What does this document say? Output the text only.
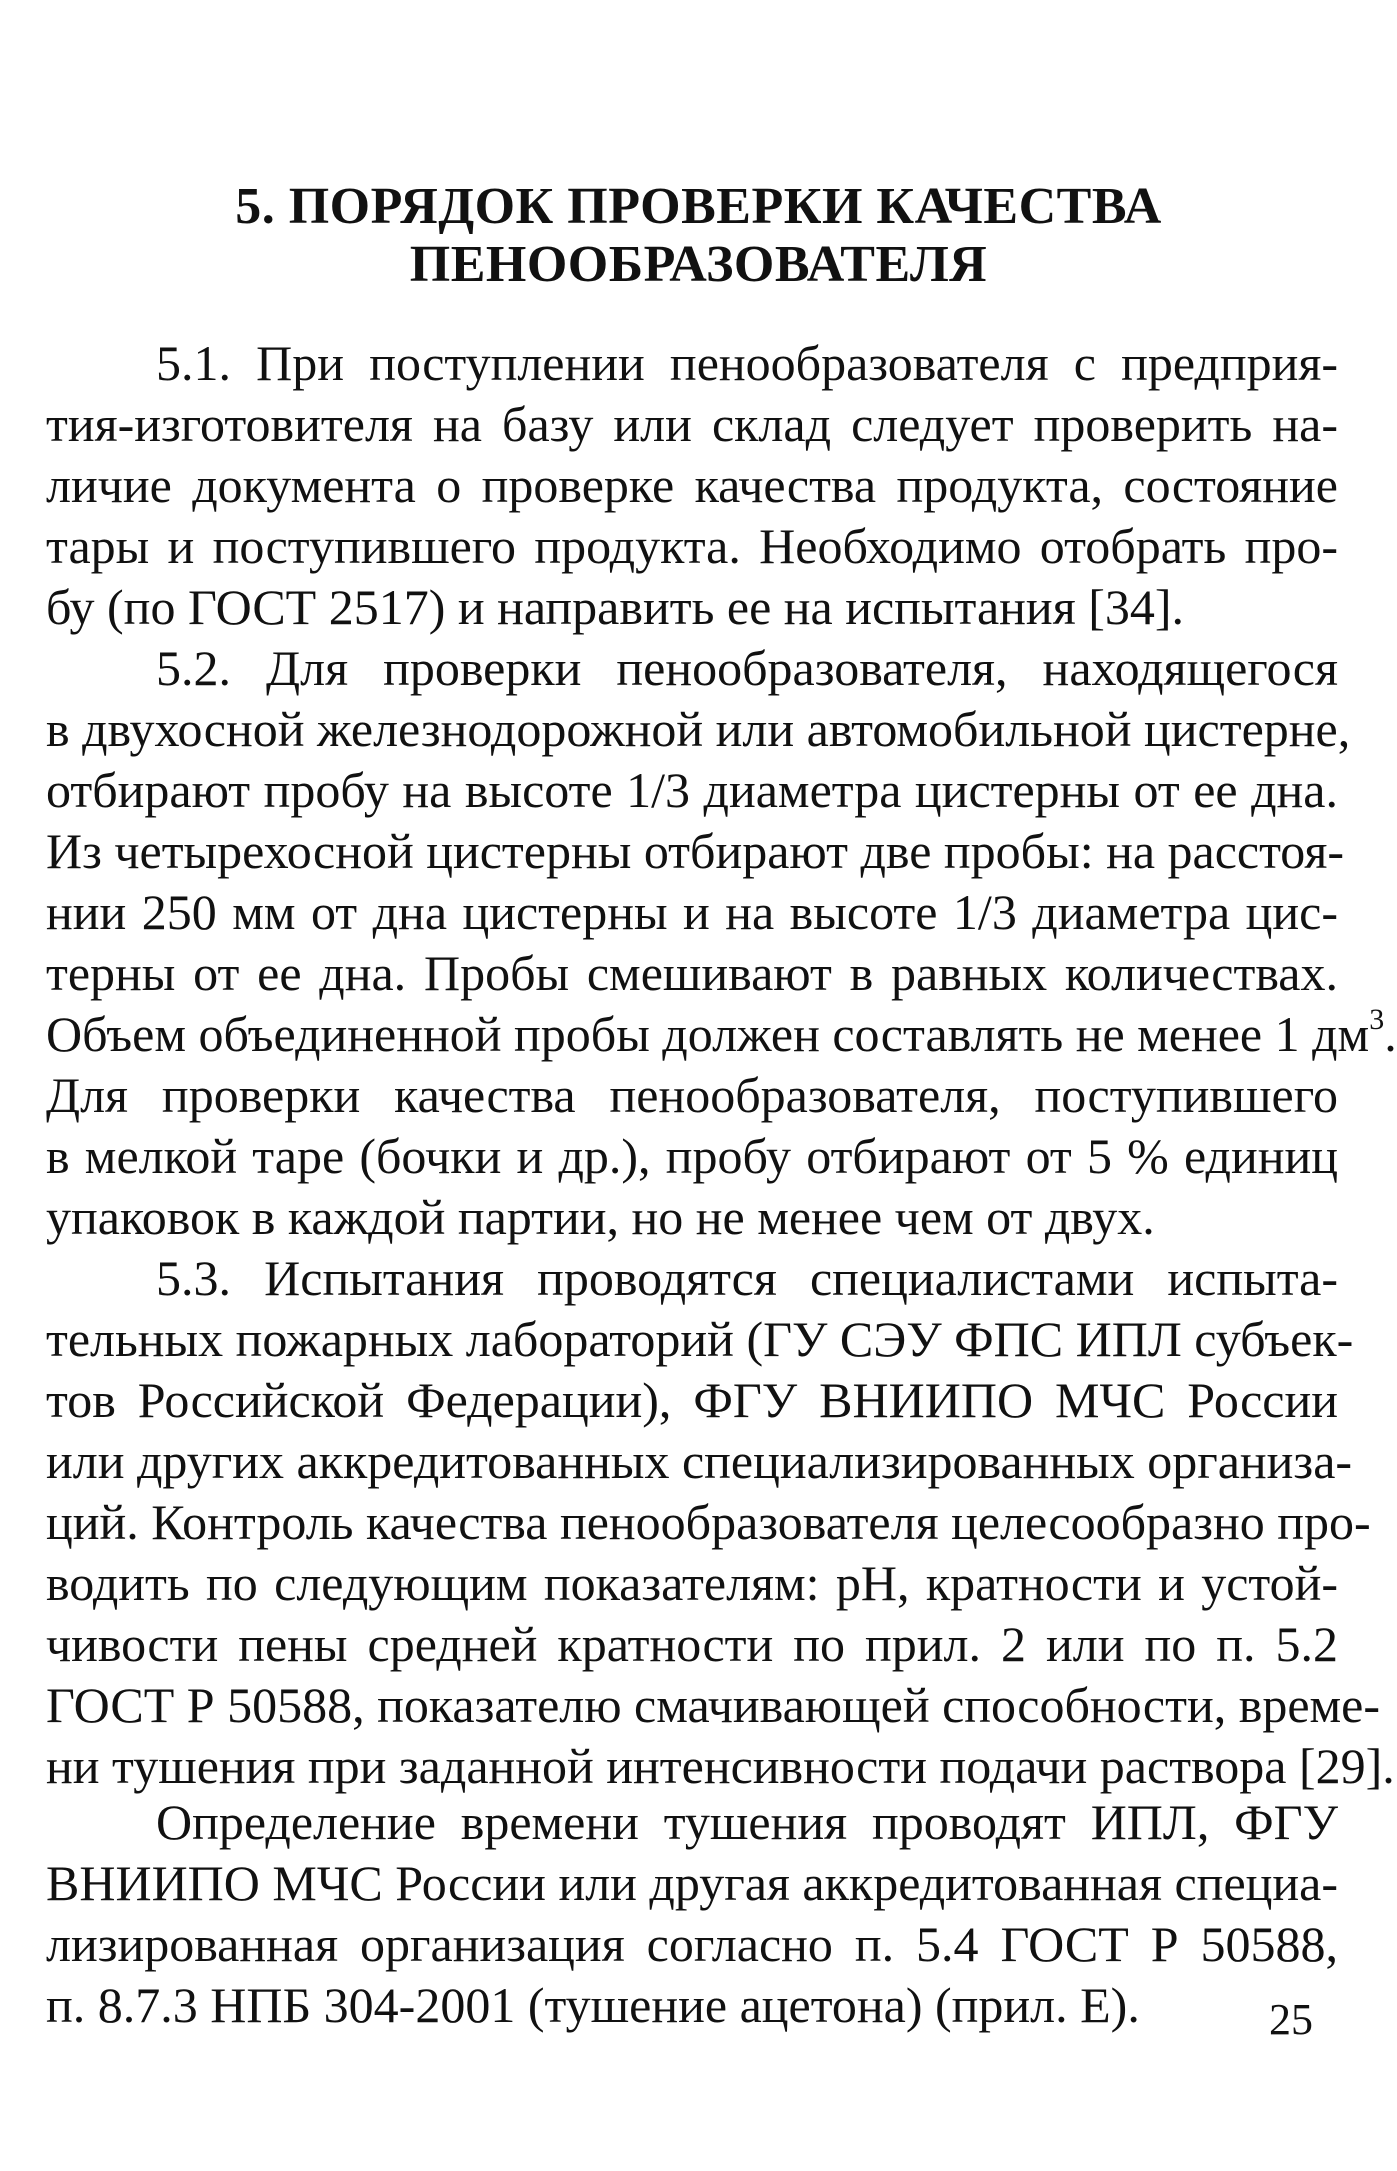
5. ПОРЯДОК ПРОВЕРКИ КАЧЕСТВА
ПЕНООБРАЗОВАТЕЛЯ
5.1. При поступлении пенообразователя с предприя-
тия-изготовителя на базу или склад следует проверить на-
личие документа о проверке качества продукта, состояние
тары и поступившего продукта. Необходимо отобрать про-
бу (по ГОСТ 2517) и направить ее на испытания [34].
5.2. Для проверки пенообразователя, находящегося
в двухосной железнодорожной или автомобильной цистерне,
отбирают пробу на высоте 1/3 диаметра цистерны от ее дна.
Из четырехосной цистерны отбирают две пробы: на расстоя-
нии 250 мм от дна цистерны и на высоте 1/3 диаметра цис-
терны от ее дна. Пробы смешивают в равных количествах.
Объем объединенной пробы должен составлять не менее 1 $дм^3$.
Для проверки качества пенообразователя, поступившего
в мелкой таре (бочки и др.), пробу отбирают от 5 % единиц
упаковок в каждой партии, но не менее чем от двух.
5.3. Испытания проводятся специалистами испыта-
тельных пожарных лабораторий (ГУ СЭУ ФПС ИПЛ субъек-
тов Российской Федерации), ФГУ ВНИИПО МЧС России
или других аккредитованных специализированных организа-
ций. Контроль качества пенообразователя целесообразно про-
водить по следующим показателям: pH, кратности и устой-
чивости пены средней кратности по прил. 2 или по п. 5.2
ГОСТ Р 50588, показателю смачивающей способности, време-
ни тушения при заданной интенсивности подачи раствора [29].
Определение времени тушения проводят ИПЛ, ФГУ
ВНИИПО МЧС России или другая аккредитованная специа-
лизированная организация согласно п. 5.4 ГОСТ Р 50588,
п. 8.7.3 НПБ 304-2001 (тушение ацетона) (прил. Е).	25
